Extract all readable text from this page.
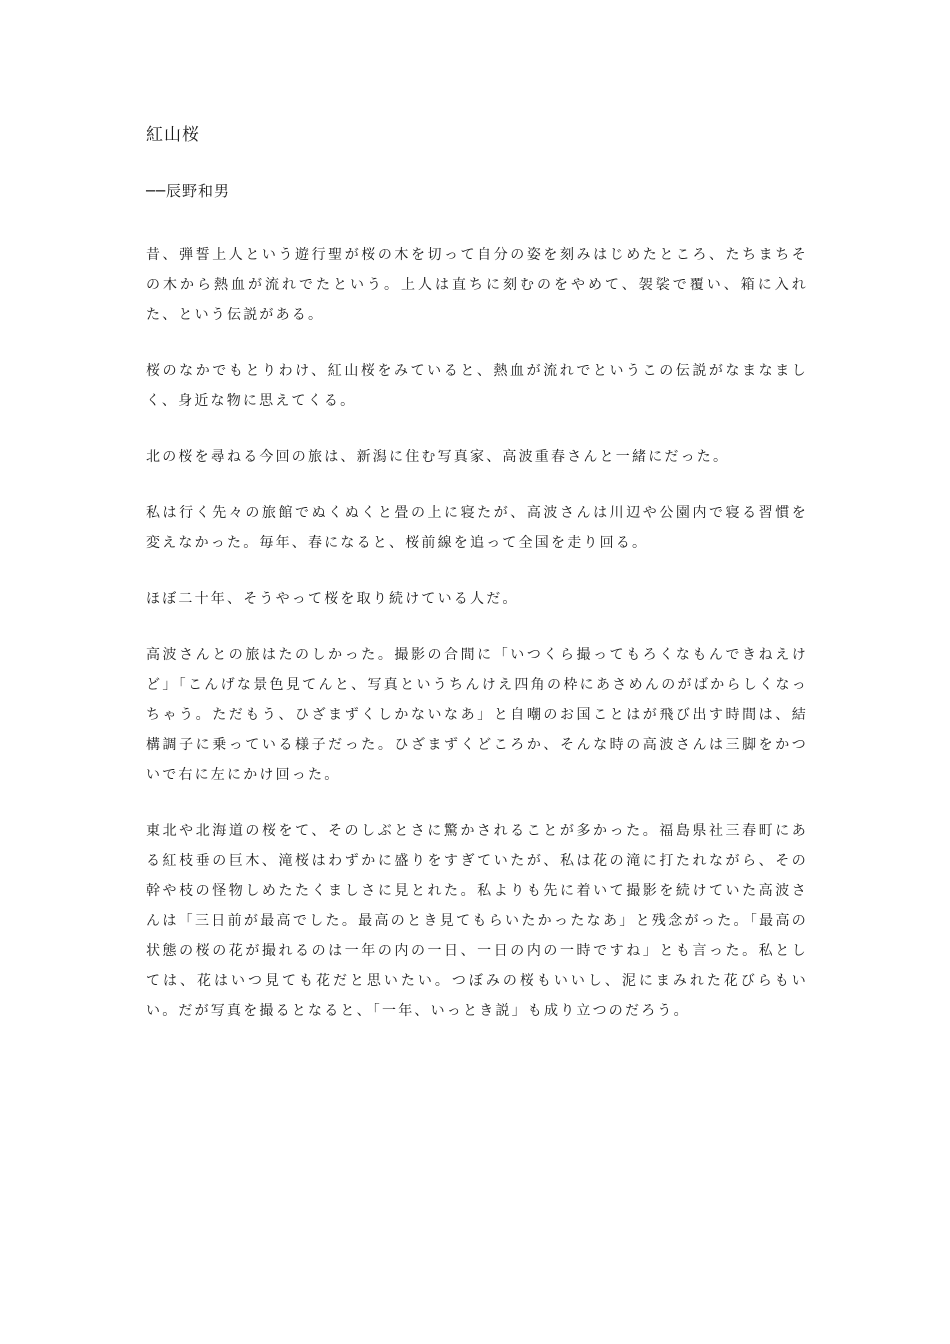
紅山桜

──辰野和男

昔、弾誓上人という遊行聖が桜の木を切って自分の姿を刻みはじめたところ、たちまちその木から熱血が流れでたという。上人は直ちに刻むのをやめて、袈裟で覆い、箱に入れた、という伝説がある。

桜のなかでもとりわけ、紅山桜をみていると、熱血が流れでというこの伝説がなまなましく、身近な物に思えてくる。

北の桜を尋ねる今回の旅は、新潟に住む写真家、高波重春さんと一緒にだった。

私は行く先々の旅館でぬくぬくと畳の上に寝たが、高波さんは川辺や公園内で寝る習慣を変えなかった。毎年、春になると、桜前線を追って全国を走り回る。

ほぼ二十年、そうやって桜を取り続けている人だ。

高波さんとの旅はたのしかった。撮影の合間に「いつくら撮ってもろくなもんできねえけど」「こんげな景色見てんと、写真というちんけえ四角の枠にあさめんのがばからしくなっちゃう。ただもう、ひざまずくしかないなあ」と自嘲のお国ことはが飛び出す時間は、結構調子に乗っている様子だった。ひざまずくどころか、そんな時の高波さんは三脚をかついで右に左にかけ回った。

東北や北海道の桜をて、そのしぶとさに驚かされることが多かった。福島県社三春町にある紅枝垂の巨木、滝桜はわずかに盛りをすぎていたが、私は花の滝に打たれながら、その幹や枝の怪物しめたたくましさに見とれた。私よりも先に着いて撮影を続けていた高波さんは「三日前が最高でした。最高のとき見てもらいたかったなあ」と残念がった。「最高の状態の桜の花が撮れるのは一年の内の一日、一日の内の一時ですね」とも言った。私としては、花はいつ見ても花だと思いたい。つぼみの桜もいいし、泥にまみれた花びらもいい。だが写真を撮るとなると、「一年、いっとき説」も成り立つのだろう。
